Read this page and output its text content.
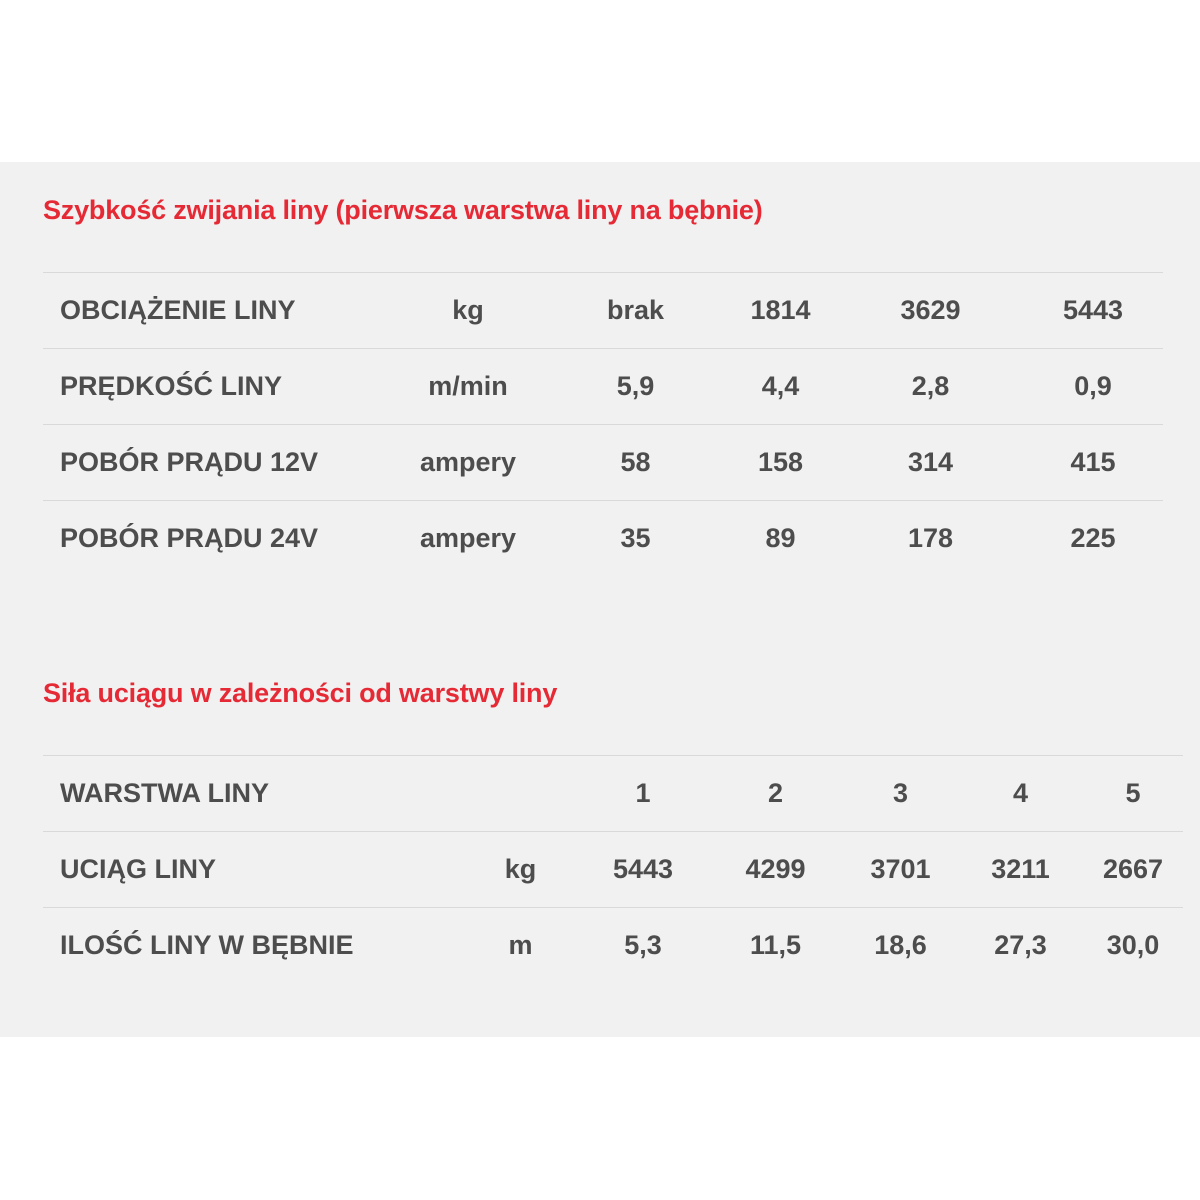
Szybkość zwijania liny (pierwsza warstwa liny na bębnie)
OBCIĄŻENIE LINY	kg	brak	1814	3629	5443
PRĘDKOŚĆ LINY	m/min	5,9	4,4	2,8	0,9
POBÓR PRĄDU 12V	ampery	58	158	314	415
POBÓR PRĄDU 24V	ampery	35	89	178	225
Siła uciągu w zależności od warstwy liny
WARSTWA LINY		1	2	3	4	5
UCIĄG LINY	kg	5443	4299	3701	3211	2667
ILOŚĆ LINY W BĘBNIE	m	5,3	11,5	18,6	27,3	30,0
